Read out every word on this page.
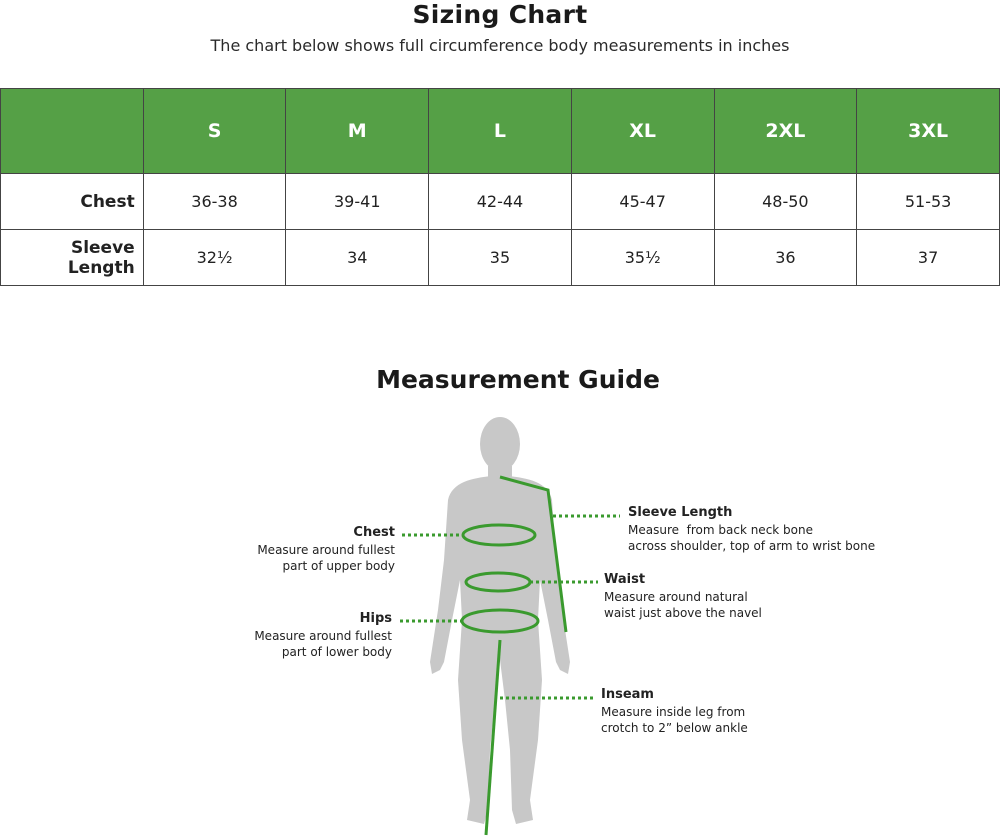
Sizing Chart
The chart below shows full circumference body measurements in inches
	S	M	L	XL	2XL	3XL
Chest	36-38	39-41	42-44	45-47	48-50	51-53
Sleeve Length	32½	34	35	35½	36	37
Measurement Guide
Chest
Measure around fullest
part of upper body
Hips
Measure around fullest
part of lower body
Sleeve Length
Measure  from back neck bone
across shoulder, top of arm to wrist bone
Waist
Measure around natural
waist just above the navel
Inseam
Measure inside leg from
crotch to 2” below ankle
